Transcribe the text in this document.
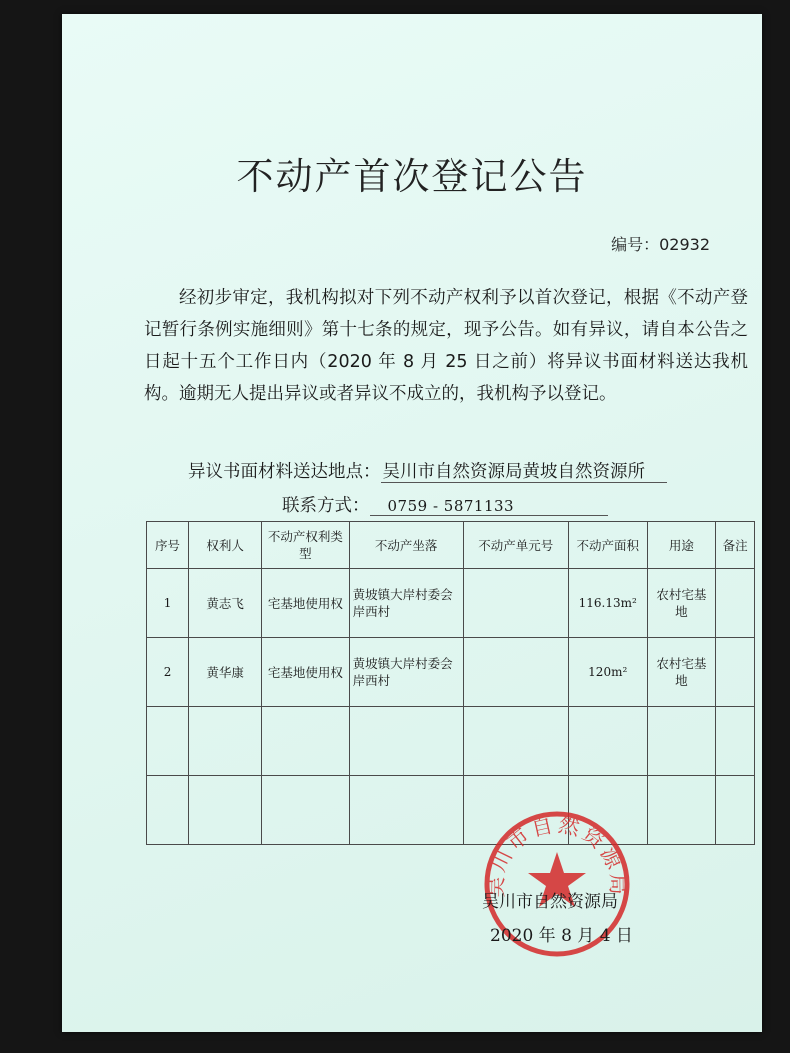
不动产首次登记公告
编号：02932
经初步审定，我机构拟对下列不动产权利予以首次登记，根据《不动产登记暂行条例实施细则》第十七条的规定，现予公告。如有异议，请自本公告之日起十五个工作日内（2020 年 8 月 25 日之前）将异议书面材料送达我机构。逾期无人提出异议或者异议不成立的，我机构予以登记。
异议书面材料送达地点： 吴川市自然资源局黄坡自然资源所
联系方式： 0759 - 5871133
序号	权利人	不动产权利类型	不动产坐落	不动产单元号	不动产面积	用途	备注
1	黄志飞	宅基地使用权	黄坡镇大岸村委会岸西村		116.13m²	农村宅基地	
2	黄华康	宅基地使用权	黄坡镇大岸村委会岸西村		120m²	农村宅基地	

吴川市自然资源局
吴川市自然资源局
2020 年 8 月 4 日
